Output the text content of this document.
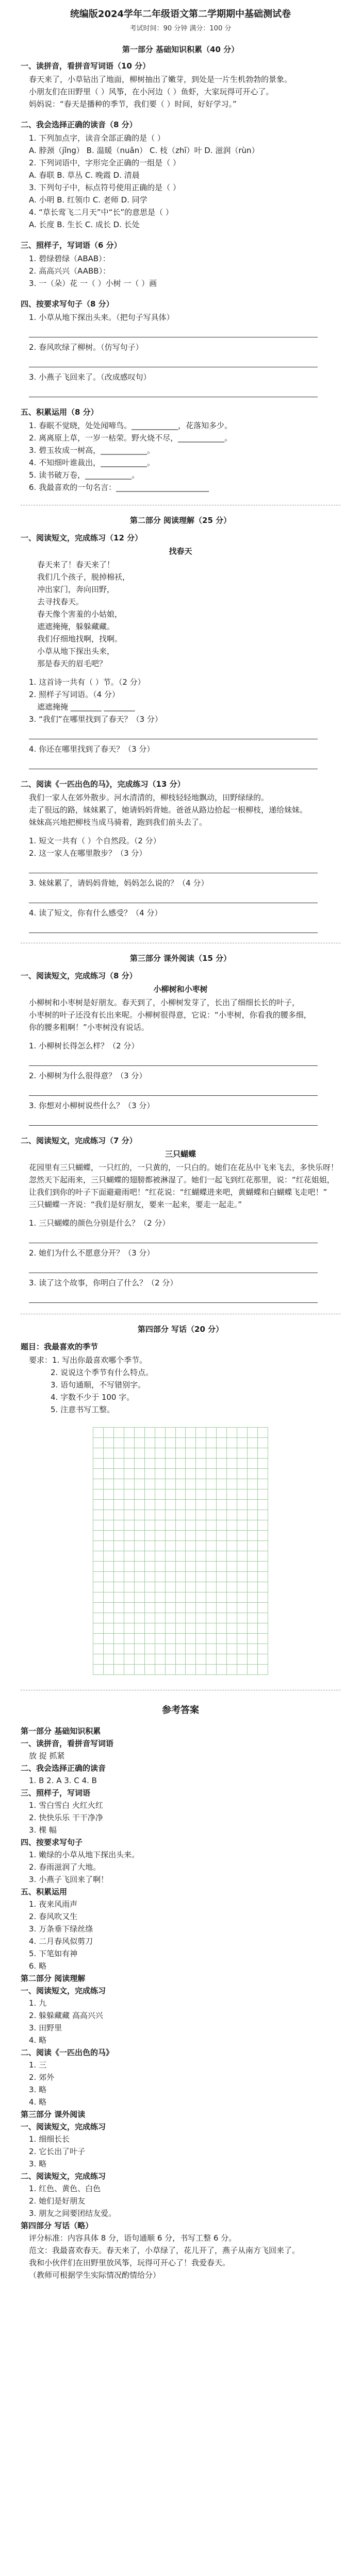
统编版2024学年二年级语文第二学期期中基础测试卷
考试时间：90 分钟 满分：100 分
第一部分 基础知识积累（40 分）
一、读拼音，看拼音写词语（10 分）
春天来了，小草钻出了地面，柳树抽出了嫩芽，到处是一片生机勃勃的景象。
小朋友们在田野里（ ）风筝，在小河边（ ）鱼虾，大家玩得可开心了。
妈妈说：“春天是播种的季节，我们要（ ）时间，好好学习。”
二、我会选择正确的读音（8 分）
1. 下列加点字，读音全部正确的是（ ）
A. 脖颈（jǐng） B. 温暖（nuǎn） C. 枝（zhī）叶 D. 滋润（rùn）
2. 下列词语中，字形完全正确的一组是（ ）
A. 春联 B. 草丛 C. 晚霞 D. 清晨
3. 下列句子中，标点符号使用正确的是（ ）
A. 小明 B. 红领巾 C. 老师 D. 同学
4. “草长莺飞二月天”中“长”的意思是（ ）
A. 长度 B. 生长 C. 成长 D. 长处
三、照样子，写词语（6 分）
1. 碧绿碧绿（ABAB）：
2. 高高兴兴（AABB）：
3. 一（朵）花 一（ ）小树 一（ ）画
四、按要求写句子（8 分）
1. 小草从地下探出头来。（把句子写具体）
2. 春风吹绿了柳树。（仿写句子）
3. 小燕子飞回来了。（改成感叹句）
五、积累运用（8 分）
1. 春眠不觉晓，处处闻啼鸟。____________，花落知多少。
2. 离离原上草，一岁一枯荣。野火烧不尽，____________。
3. 碧玉妆成一树高，____________。
4. 不知细叶谁裁出，____________。
5. 读书破万卷，____________。
6. 我最喜欢的一句名言：________________________
第二部分 阅读理解（25 分）
一、阅读短文，完成练习（12 分）
找春天
春天来了！春天来了！
我们几个孩子，脱掉棉袄，
冲出家门，奔向田野，
去寻找春天。
春天像个害羞的小姑娘，
遮遮掩掩，躲躲藏藏。
我们仔细地找啊，找啊。
小草从地下探出头来，
那是春天的眉毛吧？
1. 这首诗一共有（ ）节。（2 分）
2. 照样子写词语。（4 分）
遮遮掩掩 ________ ________
3. “我们”在哪里找到了春天？（3 分）
4. 你还在哪里找到了春天？（3 分）
二、阅读《一匹出色的马》，完成练习（13 分）
我们一家人在郊外散步。河水清清的，柳枝轻轻地飘动，田野绿绿的。
走了很远的路，妹妹累了，她请妈妈背她。爸爸从路边拾起一根柳枝，递给妹妹。
妹妹高兴地把柳枝当成马骑着，跑到我们前头去了。
1. 短文一共有（ ）个自然段。（2 分）
2. 这一家人在哪里散步？（3 分）
3. 妹妹累了，请妈妈背她，妈妈怎么说的？（4 分）
4. 读了短文，你有什么感受？（4 分）
第三部分 课外阅读（15 分）
一、阅读短文，完成练习（8 分）
小柳树和小枣树
小柳树和小枣树是好朋友。春天到了，小柳树发芽了，长出了细细长长的叶子，
小枣树的叶子还没有长出来呢。小柳树很得意，它说：“小枣树，你看我的腰多细，
你的腰多粗啊！”小枣树没有说话。
1. 小柳树长得怎么样？（2 分）
2. 小柳树为什么很得意？（3 分）
3. 你想对小柳树说些什么？（3 分）
二、阅读短文，完成练习（7 分）
三只蝴蝶
花园里有三只蝴蝶，一只红的，一只黄的，一只白的。她们在花丛中飞来飞去，多快乐呀！
忽然天下起雨来，三只蝴蝶的翅膀都被淋湿了。她们一起飞到红花那里，说：“红花姐姐，
让我们到你的叶子下面避避雨吧！”红花说：“红蝴蝶进来吧，黄蝴蝶和白蝴蝶飞走吧！”
三只蝴蝶一齐说：“我们是好朋友，要来一起来，要走一起走。”
1. 三只蝴蝶的颜色分别是什么？（2 分）
2. 她们为什么不愿意分开？（3 分）
3. 读了这个故事，你明白了什么？（2 分）
第四部分 写话（20 分）
题目：我最喜欢的季节
要求：1. 写出你最喜欢哪个季节。
2. 说说这个季节有什么特点。
3. 语句通顺，不写错别字。
4. 字数不少于 100 字。
5. 注意书写工整。

参考答案
第一部分 基础知识积累
一、读拼音，看拼音写词语
放 捉 抓紧
二、我会选择正确的读音
1. B 2. A 3. C 4. B
三、照样子，写词语
1. 雪白雪白 火红火红
2. 快快乐乐 干干净净
3. 棵 幅
四、按要求写句子
1. 嫩绿的小草从地下探出头来。
2. 春雨滋润了大地。
3. 小燕子飞回来了啊！
五、积累运用
1. 夜来风雨声
2. 春风吹又生
3. 万条垂下绿丝绦
4. 二月春风似剪刀
5. 下笔如有神
6. 略
第二部分 阅读理解
一、阅读短文，完成练习
1. 九
2. 躲躲藏藏 高高兴兴
3. 田野里
4. 略
二、阅读《一匹出色的马》
1. 三
2. 郊外
3. 略
4. 略
第三部分 课外阅读
一、阅读短文，完成练习
1. 细细长长
2. 它长出了叶子
3. 略
二、阅读短文，完成练习
1. 红色、黄色、白色
2. 她们是好朋友
3. 朋友之间要团结友爱。
第四部分 写话（略）
评分标准：内容具体 8 分，语句通顺 6 分，书写工整 6 分。
范文：我最喜欢春天。春天来了，小草绿了，花儿开了，燕子从南方飞回来了。
我和小伙伴们在田野里放风筝，玩得可开心了！我爱春天。
（教师可根据学生实际情况酌情给分）
